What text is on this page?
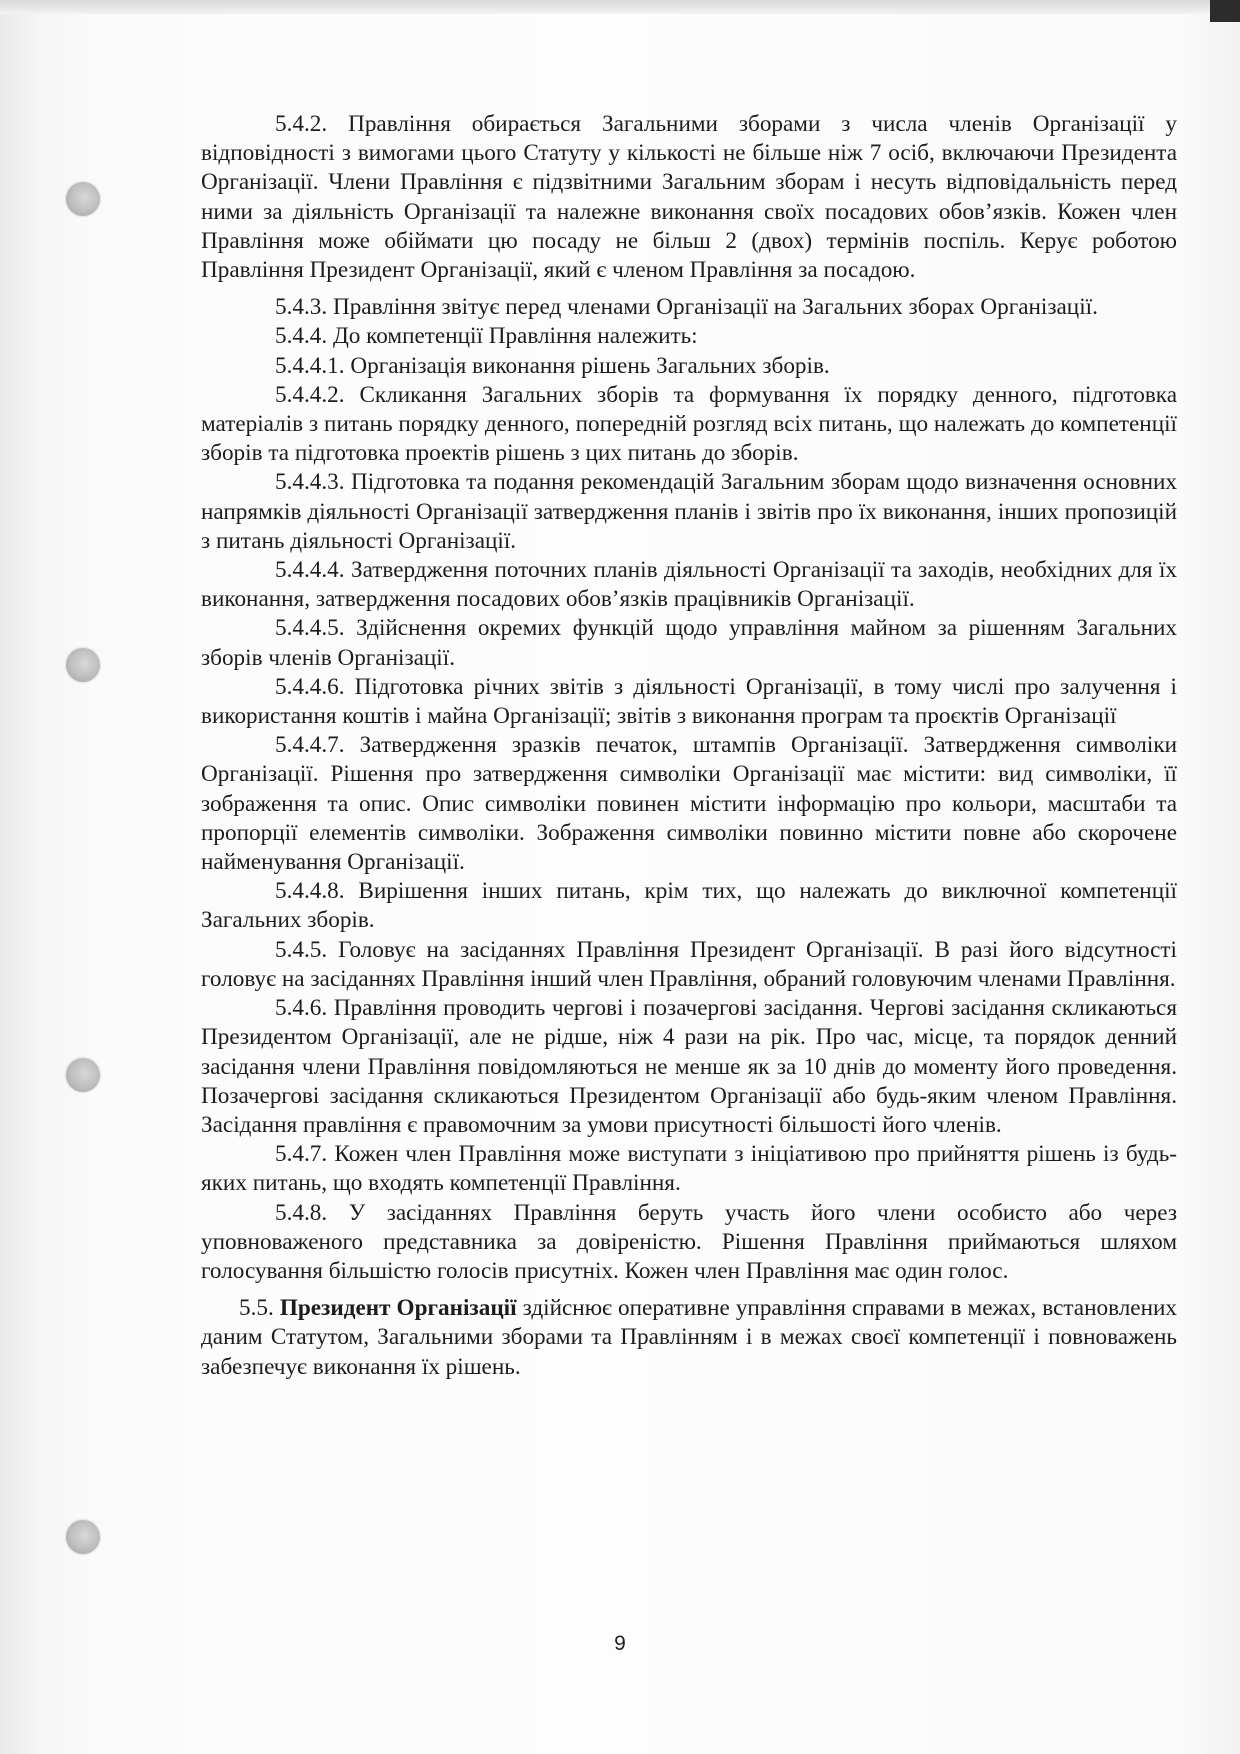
5.4.2. Правління обирається Загальними зборами з числа членів Організації у відповідності з вимогами цього Статуту у кількості не більше ніж 7 осіб, включаючи Президента Організації. Члени Правління є підзвітними Загальним зборам і несуть відповідальність перед ними за діяльність Організації та належне виконання своїх посадових обов’язків. Кожен член Правління може обіймати цю посаду не більш 2 (двох) термінів поспіль. Керує роботою Правління Президент Організації, який є членом Правління за посадою.

5.4.3. Правління звітує перед членами Організації на Загальних зборах Організації.

5.4.4. До компетенції Правління належить:

5.4.4.1. Організація виконання рішень Загальних зборів.

5.4.4.2. Скликання Загальних зборів та формування їх порядку денного, підготовка матеріалів з питань порядку денного, попередній розгляд всіх питань, що належать до компетенції зборів та підготовка проектів рішень з цих питань до зборів.

5.4.4.3. Підготовка та подання рекомендацій Загальним зборам щодо визначення основних напрямків діяльності Організації затвердження планів і звітів про їх виконання, інших пропозицій з питань діяльності Організації.

5.4.4.4. Затвердження поточних планів діяльності Організації та заходів, необхідних для їх виконання, затвердження посадових обов’язків працівників Організації.

5.4.4.5. Здійснення окремих функцій щодо управління майном за рішенням Загальних зборів членів Організації.

5.4.4.6. Підготовка річних звітів з діяльності Організації, в тому числі про залучення і використання коштів і майна Організації; звітів з виконання програм та проєктів Організації

5.4.4.7. Затвердження зразків печаток, штампів Організації. Затвердження символіки Організації. Рішення про затвердження символіки Організації має містити: вид символіки, її зображення та опис. Опис символіки повинен містити інформацію про кольори, масштаби та пропорції елементів символіки. Зображення символіки повинно містити повне або скорочене найменування Організації.

5.4.4.8. Вирішення інших питань, крім тих, що належать до виключної компетенції Загальних зборів.

5.4.5. Головує на засіданнях Правління Президент Організації. В разі його відсутності головує на засіданнях Правління інший член Правління, обраний головуючим членами Правління.

5.4.6. Правління проводить чергові і позачергові засідання. Чергові засідання скликаються Президентом Організації, але не рідше, ніж 4 рази на рік. Про час, місце, та порядок денний засідання члени Правління повідомляються не менше як за 10 днів до моменту його проведення. Позачергові засідання скликаються Президентом Організації або будь-яким членом Правління. Засідання правління є правомочним за умови присутності більшості його членів.

5.4.7. Кожен член Правління може виступати з ініціативою про прийняття рішень із будь-яких питань, що входять компетенції Правління.

5.4.8. У засіданнях Правління беруть участь його члени особисто або через уповноваженого представника за довіреністю. Рішення Правління приймаються шляхом голосування більшістю голосів присутніх. Кожен член Правління має один голос.

5.5. Президент Організації здійснює оперативне управління справами в межах, встановлених даним Статутом, Загальними зборами та Правлінням і в межах своєї компетенції і повноважень забезпечує виконання їх рішень.

9
